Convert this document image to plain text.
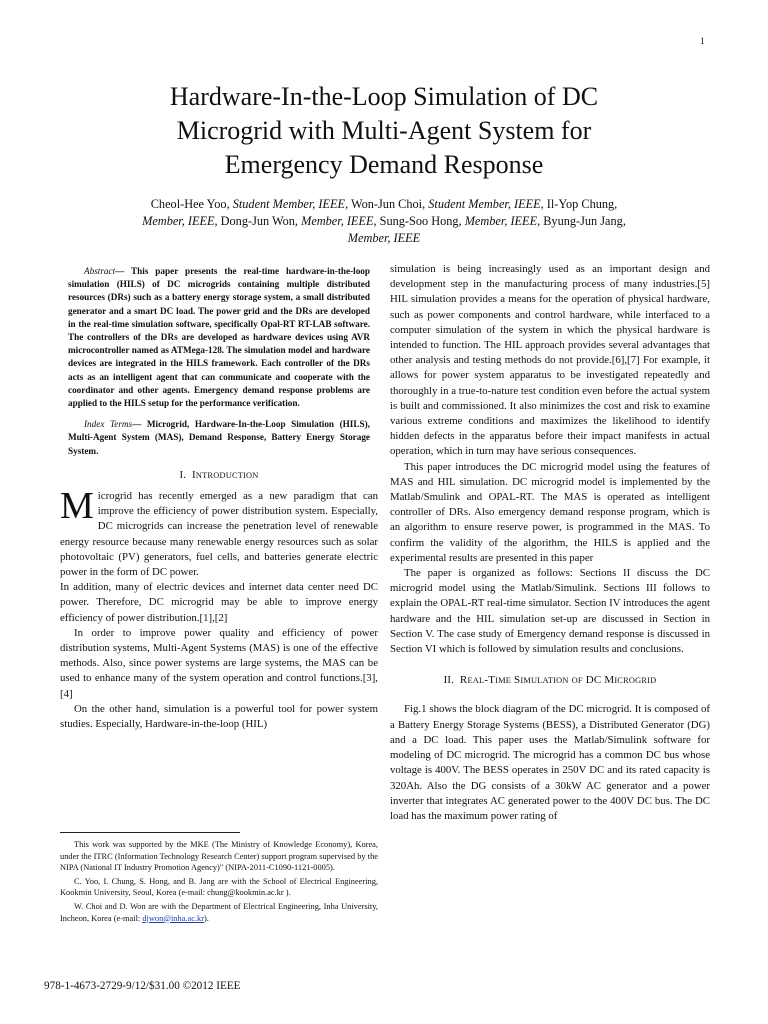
1
Hardware-In-the-Loop Simulation of DC
Microgrid with Multi-Agent System for
Emergency Demand Response
Cheol-Hee Yoo, Student Member, IEEE, Won-Jun Choi, Student Member, IEEE, Il-Yop Chung,
Member, IEEE, Dong-Jun Won, Member, IEEE, Sung-Soo Hong, Member, IEEE, Byung-Jun Jang,
Member, IEEE

Abstract— This paper presents the real-time hardware-in-the-loop simulation (HILS) of DC microgrids containing multiple distributed resources (DRs) such as a battery energy storage system, a small distributed generator and a smart DC load. The power grid and the DRs are developed in the real-time simulation software, specifically Opal-RT RT-LAB software. The controllers of the DRs are developed as hardware devices using AVR microcontroller named as ATMega-128. The simulation model and hardware devices are integrated in the HILS framework. Each controller of the DRs acts as an intelligent agent that can communicate and cooperate with the coordinator and other agents. Emergency demand response problems are applied to the HILS setup for the performance verification.

Index Terms— Microgrid, Hardware-In-the-Loop Simulation (HILS), Multi-Agent System (MAS), Demand Response, Battery Energy Storage System.

I. INTRODUCTION

Microgrid has recently emerged as a new paradigm that can improve the efficiency of power distribution system. Especially, DC microgrids can increase the penetration level of renewable energy resource because many renewable energy resources such as solar photovoltaic (PV) generators, fuel cells, and batteries generate electric power in the form of DC power.

In addition, many of electric devices and internet data center need DC power. Therefore, DC microgrid may be able to improve energy efficiency of power distribution.[1],[2]

In order to improve power quality and efficiency of power distribution systems, Multi-Agent Systems (MAS) is one of the effective methods. Also, since power systems are large systems, the MAS can be used to enhance many of the system operation and control functions.[3],[4]

On the other hand, simulation is a powerful tool for power system studies. Especially, Hardware-in-the-loop (HIL)

simulation is being increasingly used as an important design and development step in the manufacturing process of many industries.[5] HIL simulation provides a means for the operation of physical hardware, such as power components and control hardware, while interfaced to a computer simulation of the system in which the physical hardware is intended to function. The HIL approach provides several advantages that other analysis and testing methods do not provide.[6],[7] For example, it allows for power system apparatus to be investigated repeatedly and thoroughly in a true-to-nature test condition even before the actual system is built and commissioned. It also minimizes the cost and risk to examine various extreme conditions and maximizes the likelihood to identify hidden defects in the apparatus before their impact manifests in actual operation, which in turn may have serious consequences.

This paper introduces the DC microgrid model using the features of MAS and HIL simulation. DC microgrid model is implemented by the Matlab/Smulink and OPAL-RT. The MAS is operated as intelligent controller of DRs. Also emergency demand response program, which is an algorithm to ensure reserve power, is programmed in the MAS. To confirm the validity of the algorithm, the HILS is applied and the experimental results are presented in this paper

The paper is organized as follows: Sections II discuss the DC microgrid model using the Matlab/Simulink. Sections III follows to explain the OPAL-RT real-time simulator. Section IV introduces the agent hardware and the HIL simulation set-up are discussed in Section in Section V. The case study of Emergency demand response is discussed in Section VI which is followed by simulation results and conclusions.

II. REAL-TIME SIMULATION OF DC MICROGRID

Fig.1 shows the block diagram of the DC microgrid. It is composed of a Battery Energy Storage Systems (BESS), a Distributed Generator (DG) and a DC load. This paper uses the Matlab/Simulink software for modeling of DC microgrid. The microgrid has a common DC bus whose voltage is 400V. The BESS operates in 250V DC and its rated capacity is 320Ah. Also the DG consists of a 30kW AC generator and a power inverter that integrates AC generated power to the 400V DC bus. The DC load has the maximum power rating of

This work was supported by the MKE (The Ministry of Knowledge Economy), Korea, under the ITRC (Information Technology Research Center) support program supervised by the NIPA (National IT Industry Promotion Agency)" (NIPA-2011-C1090-1121-0005).

C. Yoo, I. Chung, S. Hong, and B. Jang are with the School of Electrical Engineering, Kookmin University, Seoul, Korea (e-mail: chung@kookmin.ac.kr ).

W. Choi and D. Won are with the Department of Electrical Engineering, Inha University, Incheon, Korea (e-mail: djwon@inha.ac.kr).

978-1-4673-2729-9/12/$31.00 ©2012 IEEE
